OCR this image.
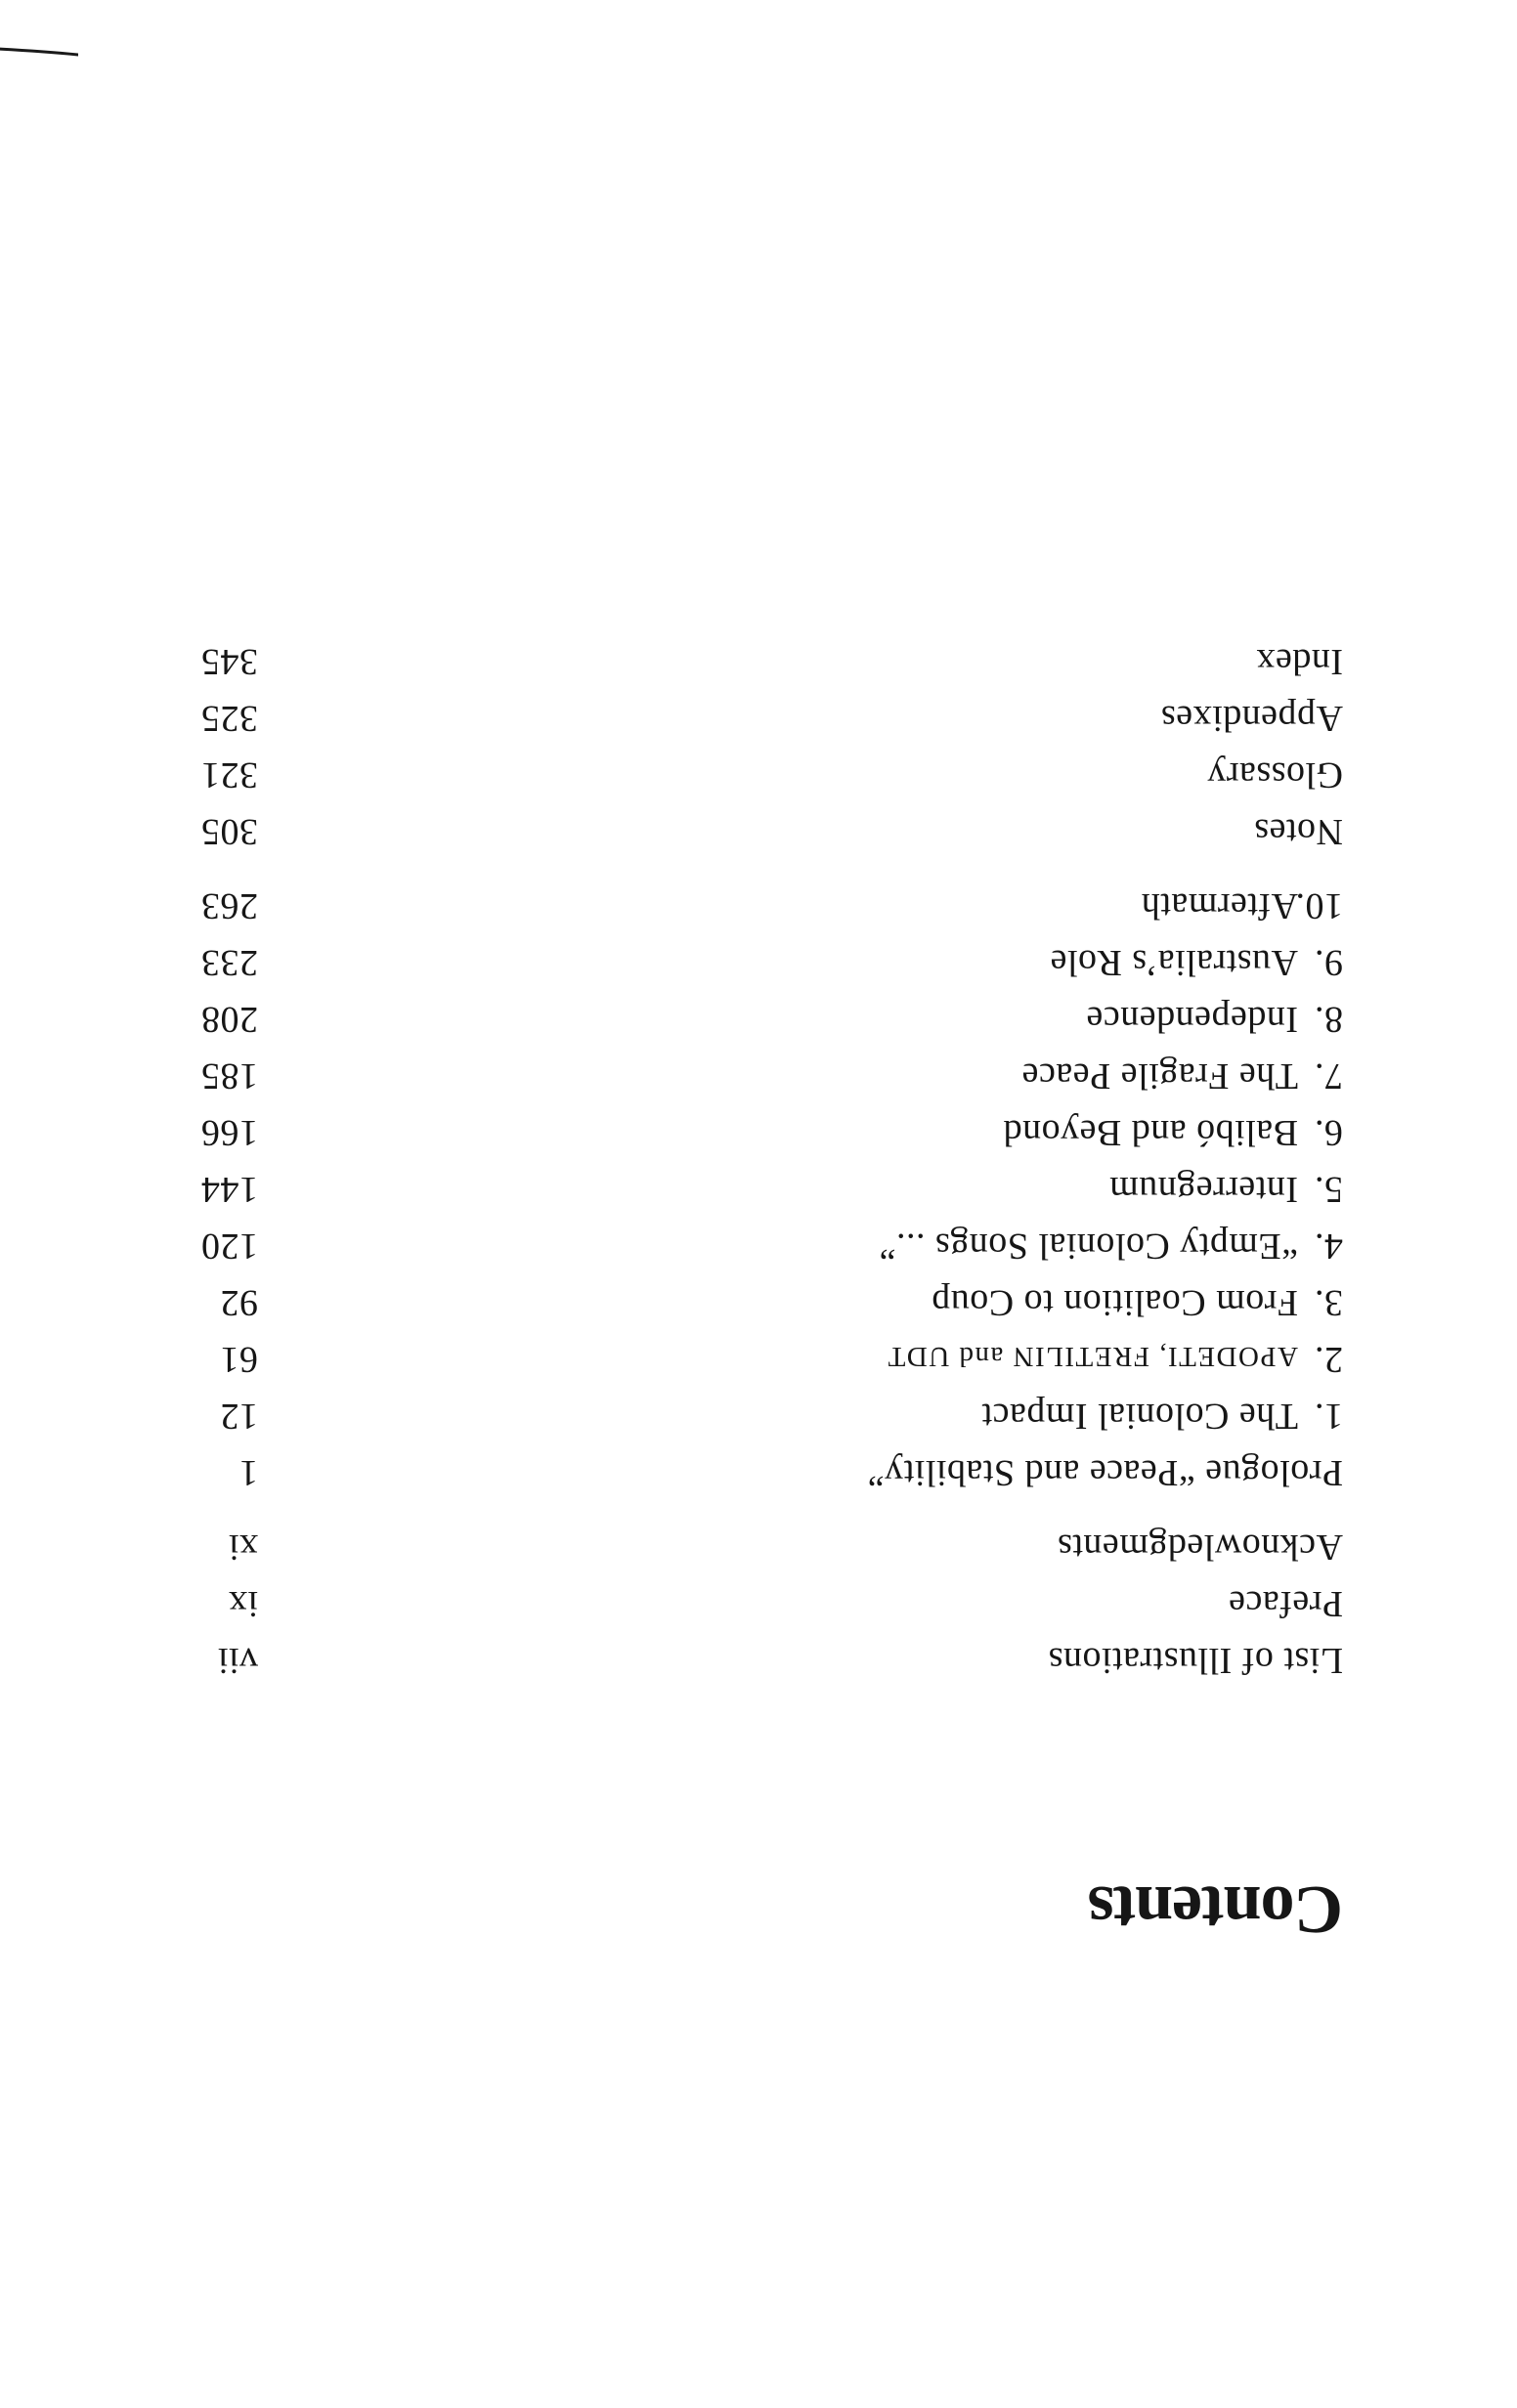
Contents
List of Illustrations
vii
Preface
ix
Acknowledgments
xi
Prologue “Peace and Stability”
1
1.The Colonial Impact
12
2.APODETI, FRETILIN and UDT
61
3.From Coalition to Coup
92
4.“Empty Colonial Songs ...”
120
5.Interregnum
144
6.Balibó and Beyond
166
7.The Fragile Peace
185
8.Independence
208
9.Australia’s Role
233
10.Aftermath
263
Notes
305
Glossary
321
Appendixes
325
Index
345
